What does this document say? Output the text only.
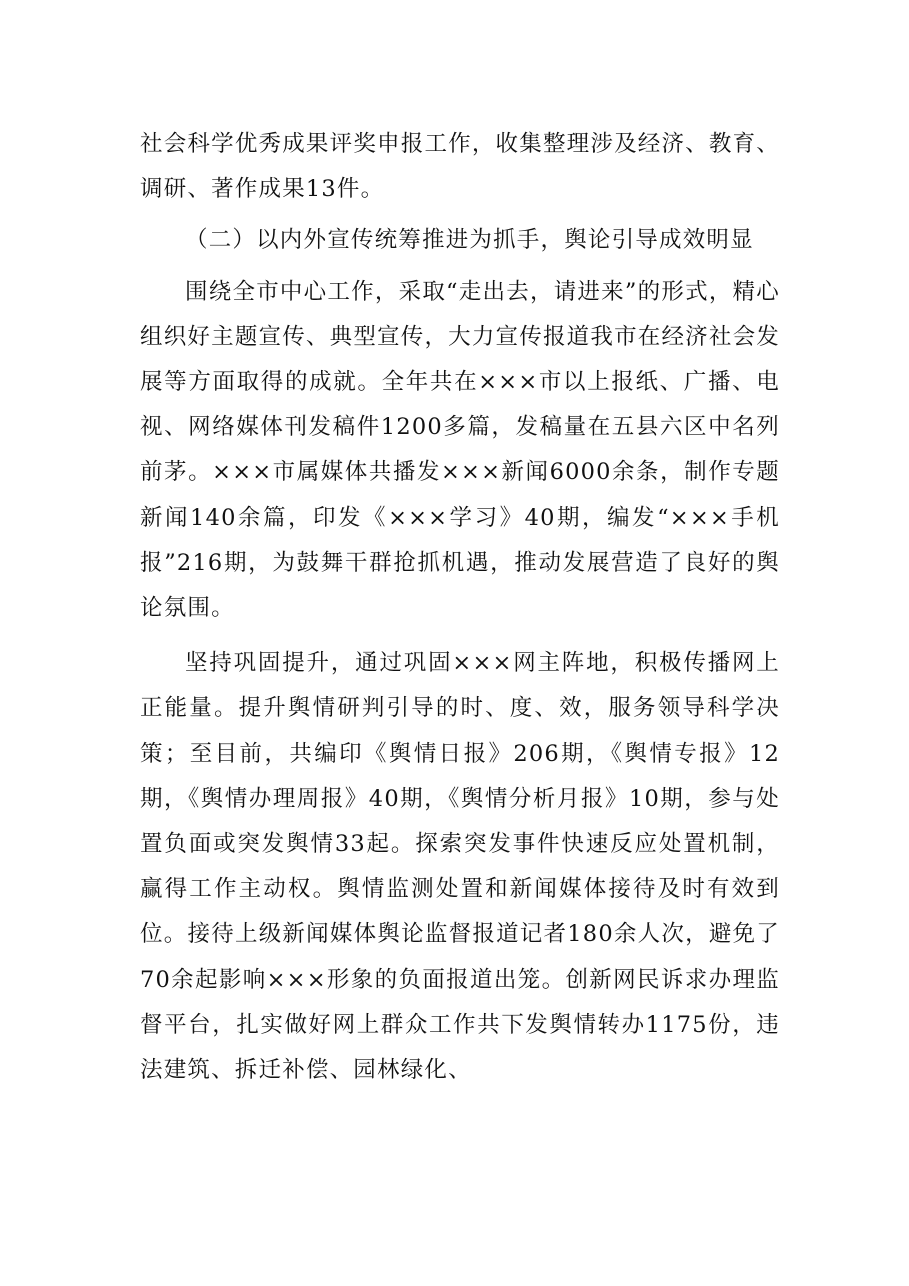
社会科学优秀成果评奖申报工作，收集整理涉及经济、教育、调研、著作成果13件。

（二）以内外宣传统筹推进为抓手，舆论引导成效明显

围绕全市中心工作，采取“走出去，请进来”的形式，精心组织好主题宣传、典型宣传，大力宣传报道我市在经济社会发展等方面取得的成就。全年共在×××市以上报纸、广播、电视、网络媒体刊发稿件1200多篇，发稿量在五县六区中名列前茅。×××市属媒体共播发×××新闻6000余条，制作专题新闻140余篇，印发《×××学习》40期，编发“×××手机报”216期，为鼓舞干群抢抓机遇，推动发展营造了良好的舆论氛围。

坚持巩固提升，通过巩固×××网主阵地，积极传播网上正能量。提升舆情研判引导的时、度、效，服务领导科学决策；至目前，共编印《舆情日报》206期，《舆情专报》12期，《舆情办理周报》40期，《舆情分析月报》10期，参与处置负面或突发舆情33起。探索突发事件快速反应处置机制，赢得工作主动权。舆情监测处置和新闻媒体接待及时有效到位。接待上级新闻媒体舆论监督报道记者180余人次，避免了70余起影响×××形象的负面报道出笼。创新网民诉求办理监督平台，扎实做好网上群众工作共下发舆情转办1175份，违法建筑、拆迁补偿、园林绿化、
